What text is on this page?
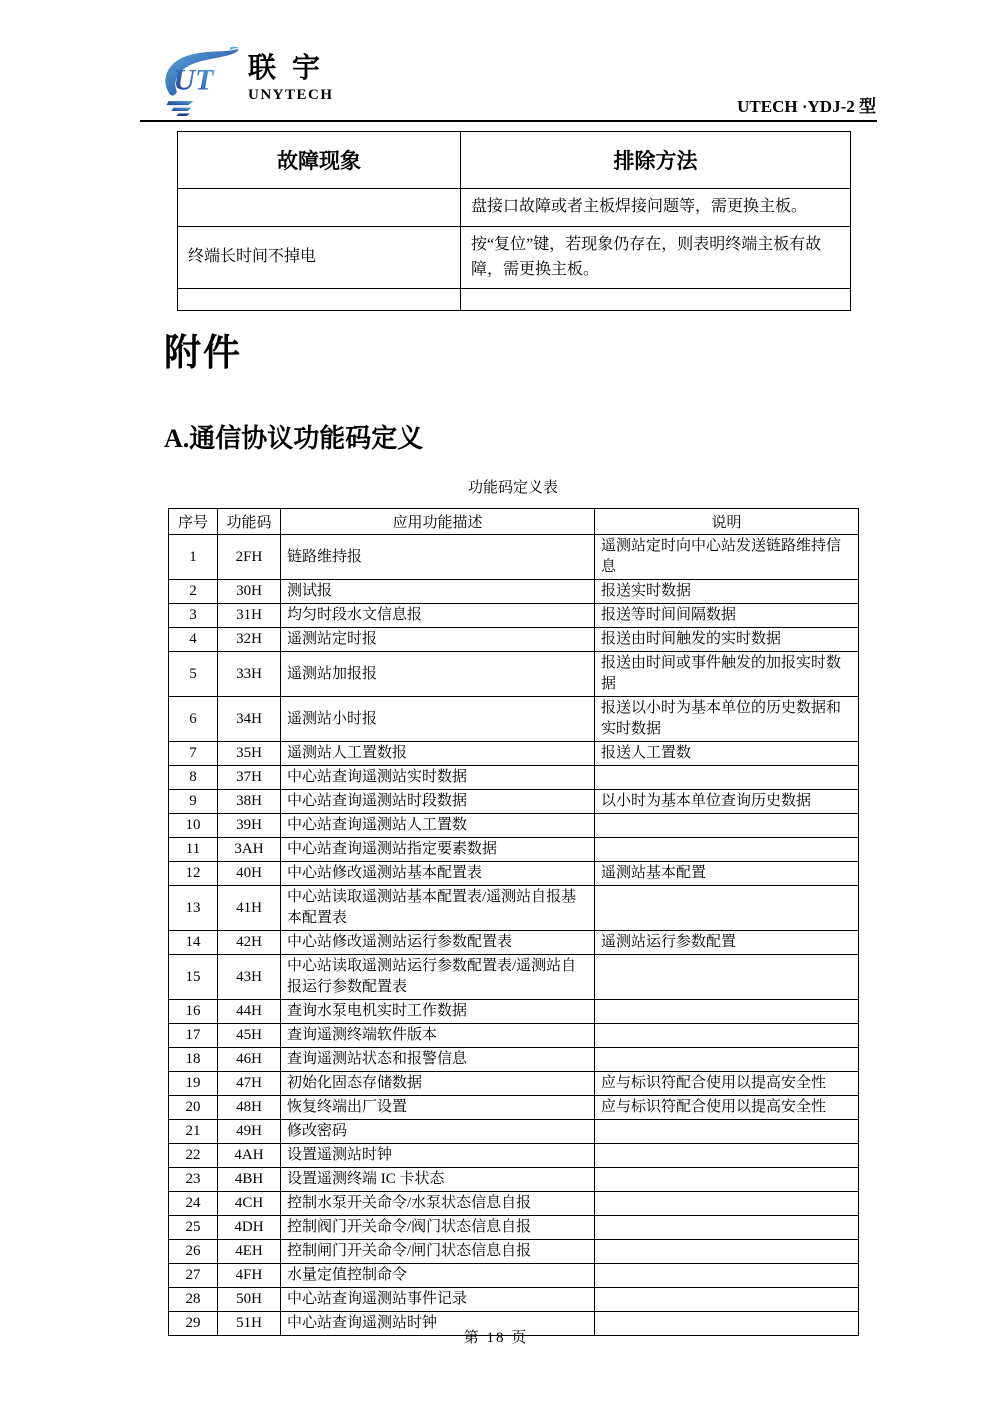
UT 联宇
UNYTECH
UTECH ·YDJ-2 型
故障现象	排除方法
	盘接口故障或者主板焊接问题等，需更换主板。
终端长时间不掉电	按“复位”键，若现象仍存在，则表明终端主板有故障，需更换主板。

附件
A.通信协议功能码定义
功能码定义表
序号	功能码	应用功能描述	说明
1	2FH	链路维持报	遥测站定时向中心站发送链路维持信息
2	30H	测试报	报送实时数据
3	31H	均匀时段水文信息报	报送等时间间隔数据
4	32H	遥测站定时报	报送由时间触发的实时数据
5	33H	遥测站加报报	报送由时间或事件触发的加报实时数据
6	34H	遥测站小时报	报送以小时为基本单位的历史数据和实时数据
7	35H	遥测站人工置数报	报送人工置数
8	37H	中心站查询遥测站实时数据	
9	38H	中心站查询遥测站时段数据	以小时为基本单位查询历史数据
10	39H	中心站查询遥测站人工置数	
11	3AH	中心站查询遥测站指定要素数据	
12	40H	中心站修改遥测站基本配置表	遥测站基本配置
13	41H	中心站读取遥测站基本配置表/遥测站自报基本配置表	
14	42H	中心站修改遥测站运行参数配置表	遥测站运行参数配置
15	43H	中心站读取遥测站运行参数配置表/遥测站自报运行参数配置表	
16	44H	查询水泵电机实时工作数据	
17	45H	查询遥测终端软件版本	
18	46H	查询遥测站状态和报警信息	
19	47H	初始化固态存储数据	应与标识符配合使用以提高安全性
20	48H	恢复终端出厂设置	应与标识符配合使用以提高安全性
21	49H	修改密码	
22	4AH	设置遥测站时钟	
23	4BH	设置遥测终端 IC 卡状态	
24	4CH	控制水泵开关命令/水泵状态信息自报	
25	4DH	控制阀门开关命令/阀门状态信息自报	
26	4EH	控制闸门开关命令/闸门状态信息自报	
27	4FH	水量定值控制命令	
28	50H	中心站查询遥测站事件记录	
29	51H	中心站查询遥测站时钟	
第 18 页
